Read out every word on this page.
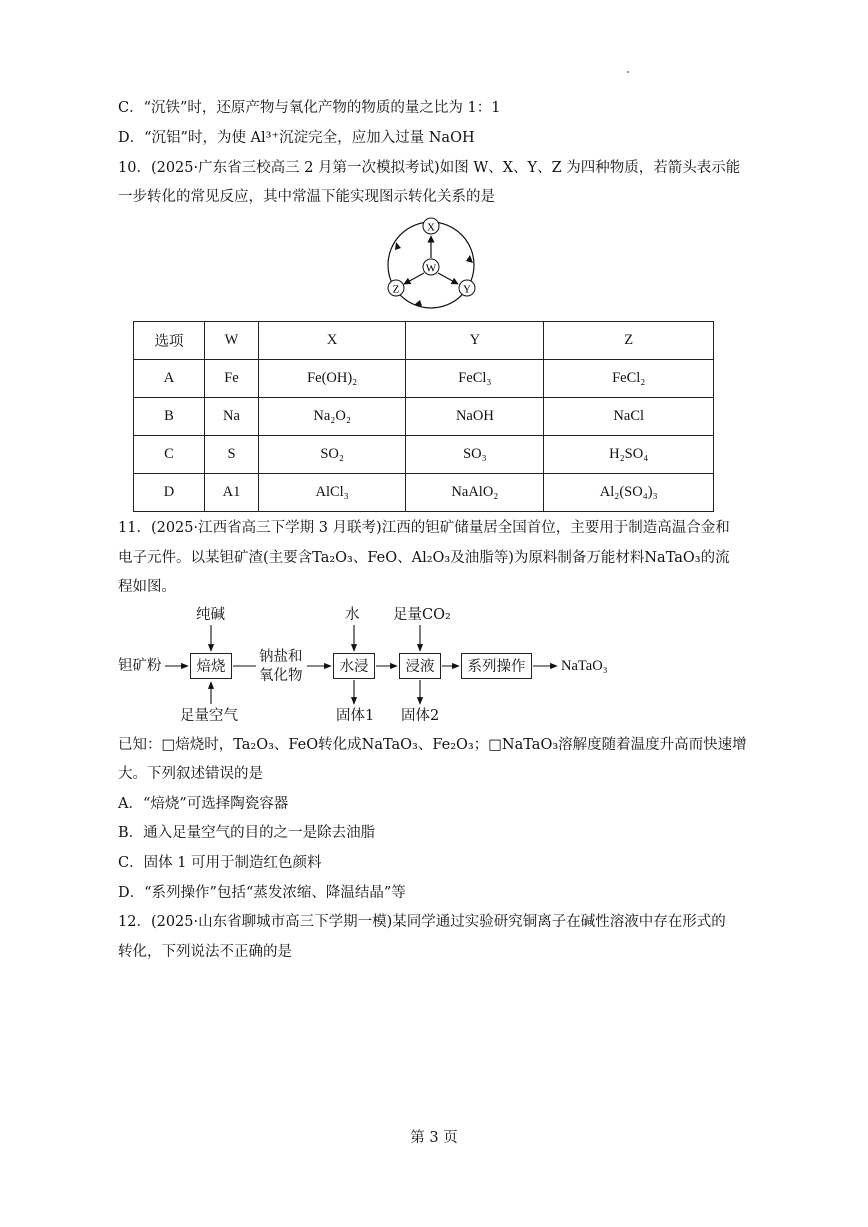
C．“沉铁”时，还原产物与氧化产物的物质的量之比为 1：1
D．“沉铝”时，为使 Al³⁺沉淀完全，应加入过量 NaOH
10．(2025·广东省三校高三 2 月第一次模拟考试)如图 W、X、Y、Z 为四种物质，若箭头表示能
一步转化的常见反应，其中常温下能实现图示转化关系的是
X
W
Z	Y
选项	W	X	Y	Z
A	Fe	Fe(OH)₂	FeCl₃	FeCl₂
B	Na	Na₂O₂	NaOH	NaCl
C	S	SO₂	SO₃	H₂SO₄
D	A1	AlCl₃	NaAlO₂	Al₂(SO₄)₃
11．(2025·江西省高三下学期 3 月联考)江西的钽矿储量居全国首位，主要用于制造高温合金和
电子元件。以某钽矿渣(主要含Ta₂O₃、FeO、Al₂O₃及油脂等)为原料制备万能材料NaTaO₃的流
程如图。
纯碱	水 足量CO₂
钽矿粉	焙烧
钠盐和
氧化物
水浸	浸液	系列操作	NaTaO₃
足量空气	固体1 固体2
已知：□焙烧时，Ta₂O₃、FeO转化成NaTaO₃、Fe₂O₃；□NaTaO₃溶解度随着温度升高而快速增
大。下列叙述错误的是
A．“焙烧”可选择陶瓷容器
B．通入足量空气的目的之一是除去油脂
C．固体 1 可用于制造红色颜料
D．“系列操作”包括“蒸发浓缩、降温结晶”等
12．(2025·山东省聊城市高三下学期一模)某同学通过实验研究铜离子在碱性溶液中存在形式的
转化，下列说法不正确的是
第 3 页
